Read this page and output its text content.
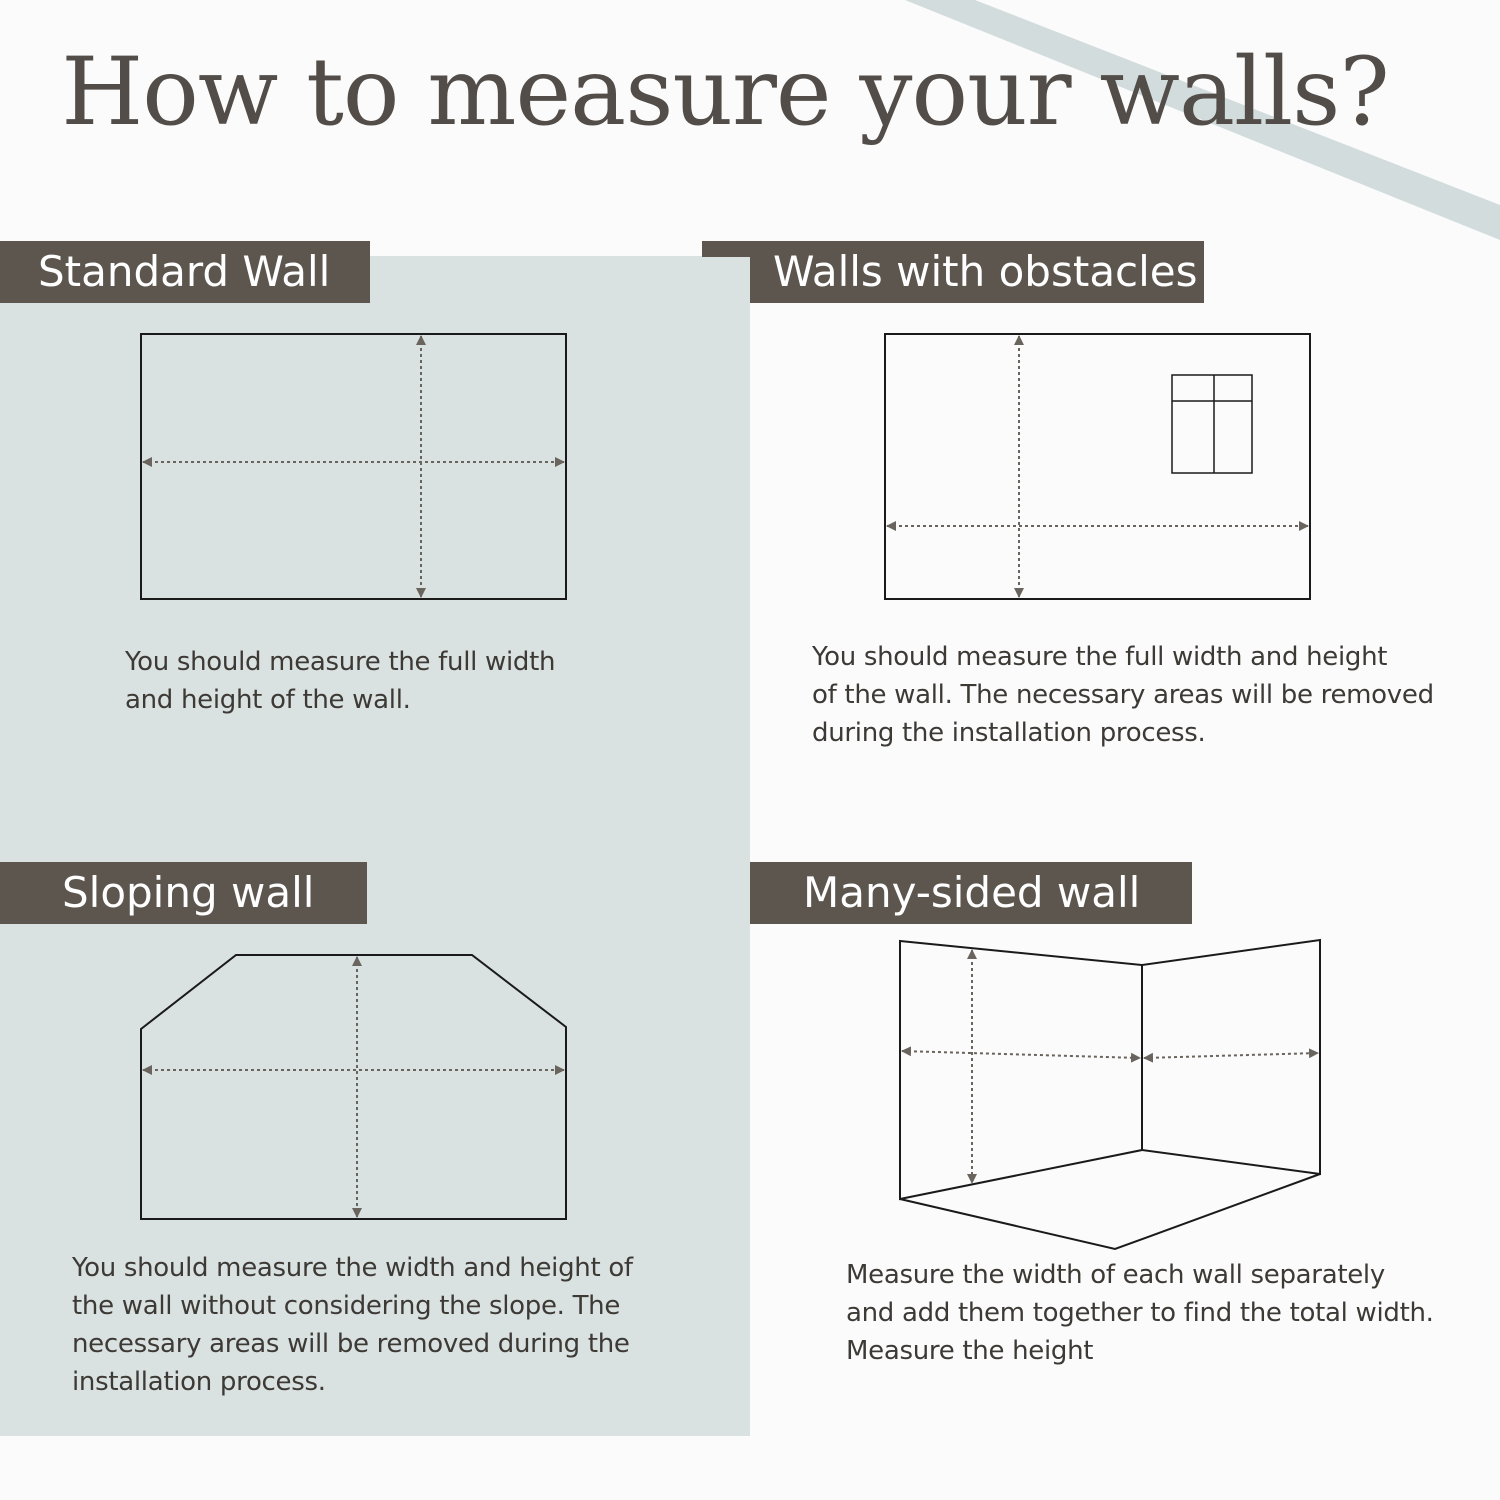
How to measure your walls?
Standard Wall
You should measure the full width
and height of the wall.
Walls with obstacles
You should measure the full width and height
of the wall. The necessary areas will be removed
during the installation process.
Sloping wall
You should measure the width and height of
the wall without considering the slope. The
necessary areas will be removed during the
installation process.
Many-sided wall
Measure the width of each wall separately
and add them together to find the total width.
Measure the height
